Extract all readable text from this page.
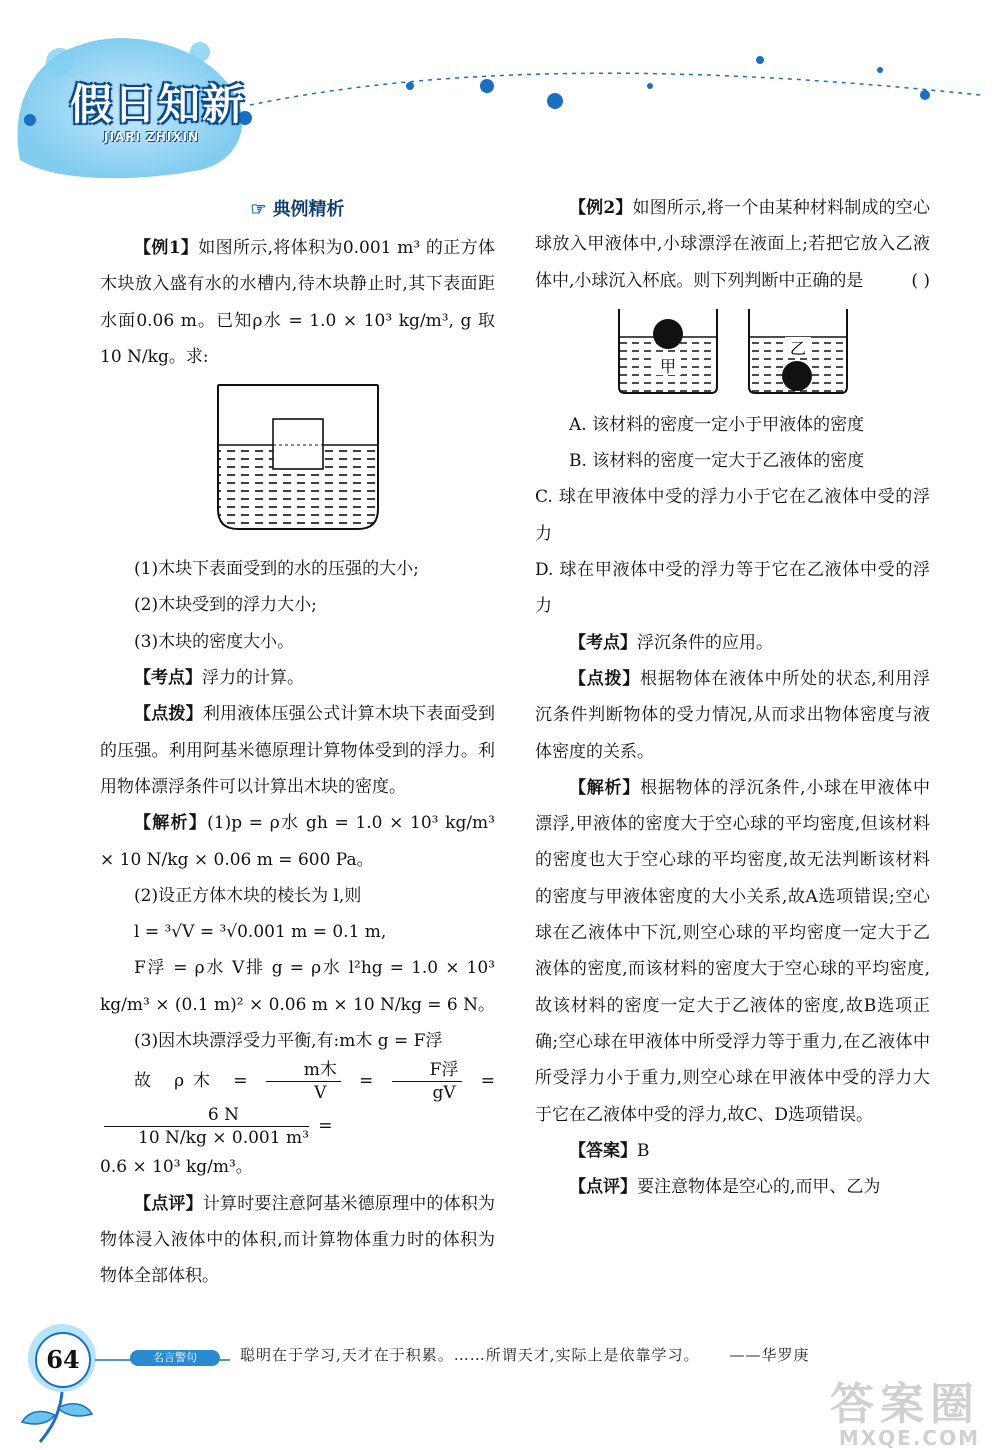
假日知新
JIARI ZHIXIN
☞ 典例精析

【例1】如图所示,将体积为0.001 m³ 的正方体木块放入盛有水的水槽内,待木块静止时,其下表面距水面0.06 m。已知ρ水 = 1.0 × 10³ kg/m³, g 取10 N/kg。求:

(1)木块下表面受到的水的压强的大小;

(2)木块受到的浮力大小;

(3)木块的密度大小。

【考点】浮力的计算。

【点拨】利用液体压强公式计算木块下表面受到的压强。利用阿基米德原理计算物体受到的浮力。利用物体漂浮条件可以计算出木块的密度。

【解析】(1)p = ρ水 gh = 1.0 × 10³ kg/m³ × 10 N/kg × 0.06 m = 600 Pa。

(2)设正方体木块的棱长为 l,则

l = ³√V = ³√0.001 m = 0.1 m,

F浮 = ρ水 V排 g = ρ水 l²hg = 1.0 × 10³ kg/m³ × (0.1 m)² × 0.06 m × 10 N/kg = 6 N。

(3)因木块漂浮受力平衡,有:m木 g = F浮

故 ρ木 = $\frac{\text{m木}}{V} = \frac{\text{F浮}}{gV}$ =
$\frac{6 N}{\text{10 N/kg × 0.001 m³}}$ =

0.6 × 10³ kg/m³。

【点评】计算时要注意阿基米德原理中的体积为物体浸入液体中的体积,而计算物体重力时的体积为物体全部体积。

【例2】如图所示,将一个由某种材料制成的空心球放入甲液体中,小球漂浮在液面上;若把它放入乙液体中,小球沉入杯底。则下列判断中正确的是	( )

甲
乙

A. 该材料的密度一定小于甲液体的密度

B. 该材料的密度一定大于乙液体的密度

C. 球在甲液体中受的浮力小于它在乙液体中受的浮力

D. 球在甲液体中受的浮力等于它在乙液体中受的浮力

【考点】浮沉条件的应用。

【点拨】根据物体在液体中所处的状态,利用浮沉条件判断物体的受力情况,从而求出物体密度与液体密度的关系。

【解析】根据物体的浮沉条件,小球在甲液体中漂浮,甲液体的密度大于空心球的平均密度,但该材料的密度也大于空心球的平均密度,故无法判断该材料的密度与甲液体密度的大小关系,故A选项错误;空心球在乙液体中下沉,则空心球的平均密度一定大于乙液体的密度,而该材料的密度大于空心球的平均密度,故该材料的密度一定大于乙液体的密度,故B选项正确;空心球在甲液体中所受浮力等于重力,在乙液体中所受浮力小于重力,则空心球在甲液体中受的浮力大于它在乙液体中受的浮力,故C、D选项错误。

【答案】B

【点评】要注意物体是空心的,而甲、乙为

64	名言警句	聪明在于学习,天才在于积累。……所谓天才,实际上是依靠学习。 ——华罗庚
答案圈
MXQE.COM
